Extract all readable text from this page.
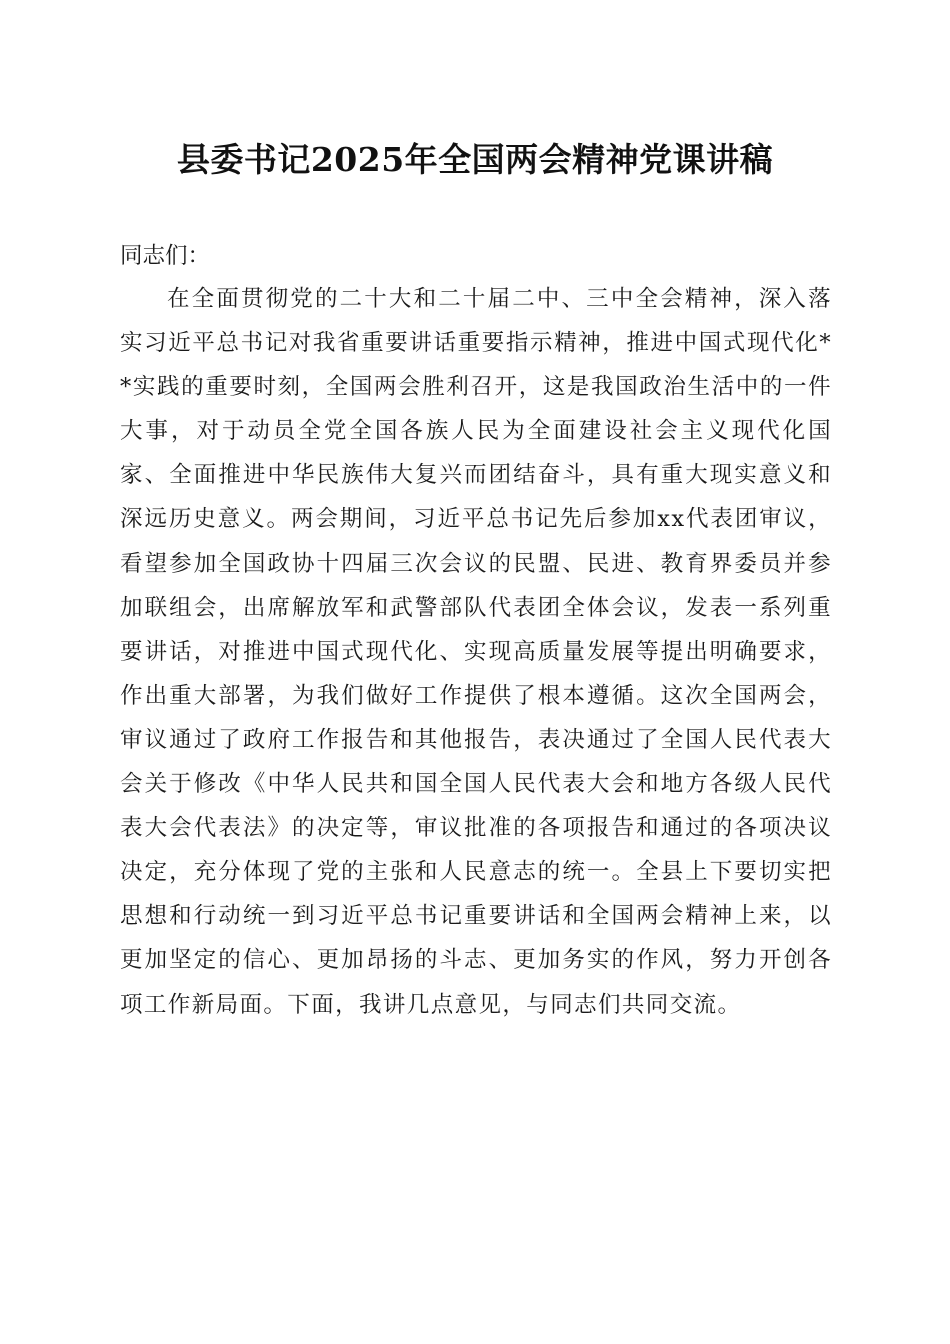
县委书记2025年全国两会精神党课讲稿

同志们：

在全面贯彻党的二十大和二十届二中、三中全会精神，深入落实习近平总书记对我省重要讲话重要指示精神，推进中国式现代化**实践的重要时刻，全国两会胜利召开，这是我国政治生活中的一件大事，对于动员全党全国各族人民为全面建设社会主义现代化国家、全面推进中华民族伟大复兴而团结奋斗，具有重大现实意义和深远历史意义。两会期间，习近平总书记先后参加xx代表团审议，看望参加全国政协十四届三次会议的民盟、民进、教育界委员并参加联组会，出席解放军和武警部队代表团全体会议，发表一系列重要讲话，对推进中国式现代化、实现高质量发展等提出明确要求，作出重大部署，为我们做好工作提供了根本遵循。这次全国两会，审议通过了政府工作报告和其他报告，表决通过了全国人民代表大会关于修改《中华人民共和国全国人民代表大会和地方各级人民代表大会代表法》的决定等，审议批准的各项报告和通过的各项决议决定，充分体现了党的主张和人民意志的统一。全县上下要切实把思想和行动统一到习近平总书记重要讲话和全国两会精神上来，以更加坚定的信心、更加昂扬的斗志、更加务实的作风，努力开创各项工作新局面。下面，我讲几点意见，与同志们共同交流。
